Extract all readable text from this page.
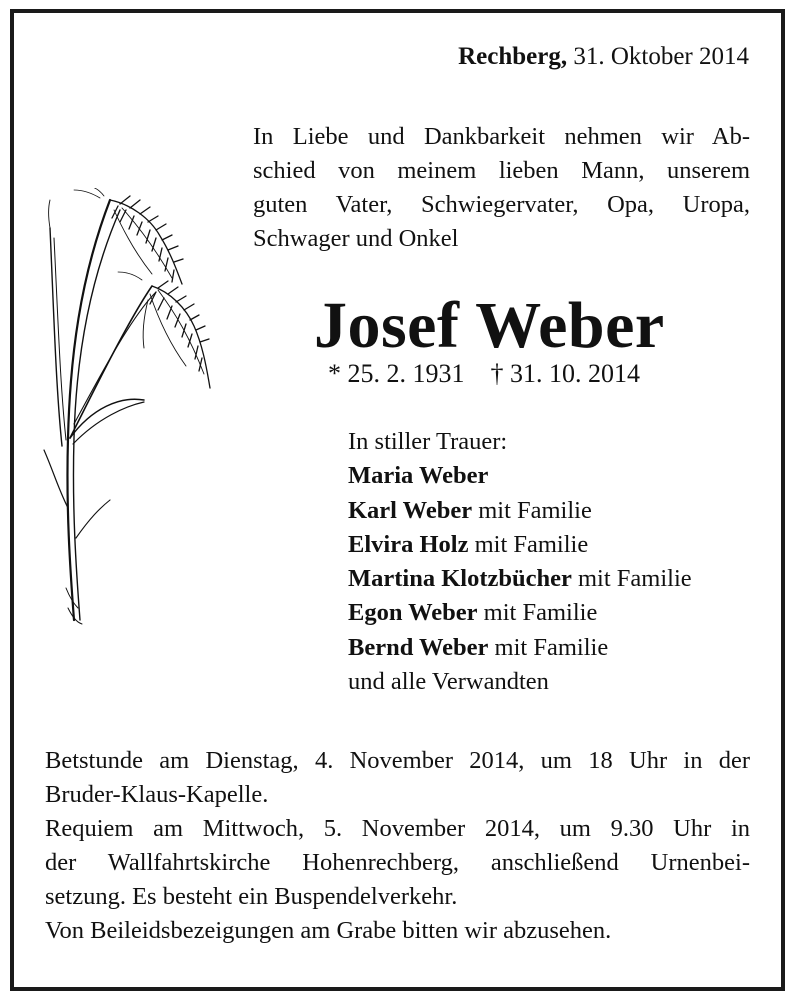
Rechberg, 31. Oktober 2014
In Liebe und Dankbarkeit nehmen wir Ab-
schied von meinem lieben Mann, unserem
guten Vater, Schwiegervater, Opa, Uropa,
Schwager und Onkel
Josef Weber
* 25. 2. 1931 † 31. 10. 2014
In stiller Trauer:
Maria Weber
Karl Weber mit Familie
Elvira Holz mit Familie
Martina Klotzbücher mit Familie
Egon Weber mit Familie
Bernd Weber mit Familie
und alle Verwandten
Betstunde am Dienstag, 4. November 2014, um 18 Uhr in der
Bruder-Klaus-Kapelle.
Requiem am Mittwoch, 5. November 2014, um 9.30 Uhr in
der Wallfahrtskirche Hohenrechberg, anschließend Urnenbei-
setzung. Es besteht ein Buspendelverkehr.
Von Beileidsbezeigungen am Grabe bitten wir abzusehen.
